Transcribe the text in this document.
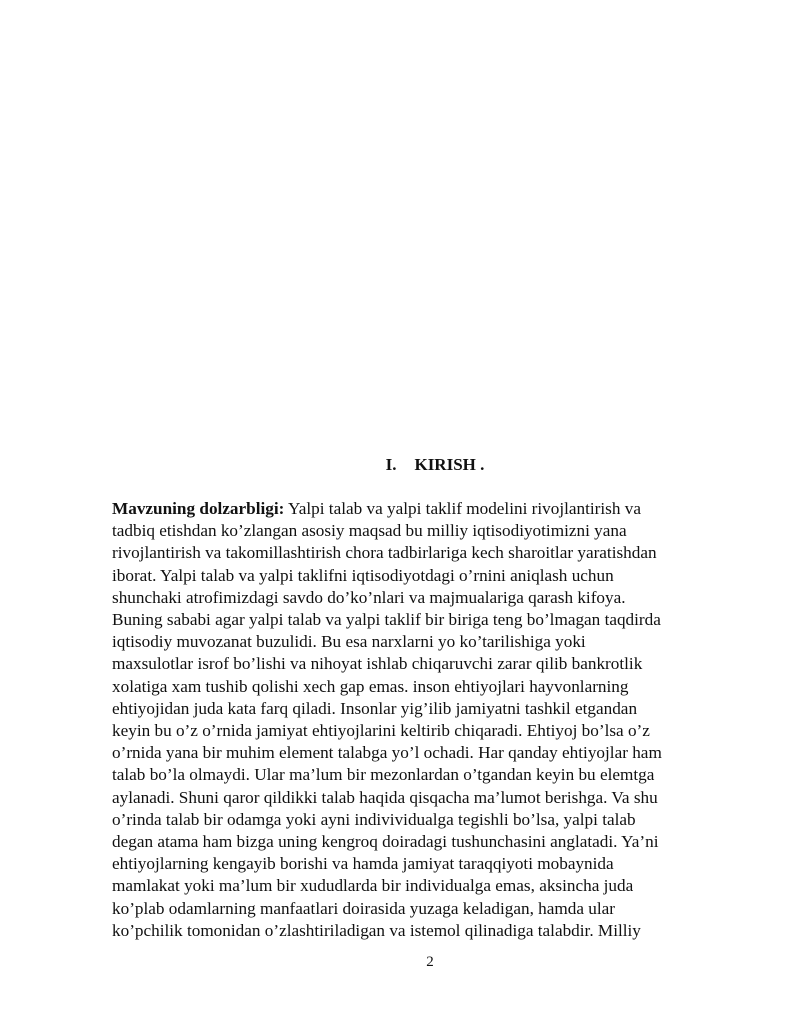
I. KIRISH .
Mavzuning dolzarbligi: Yalpi talab va yalpi taklif modelini rivojlantirish va
tadbiq etishdan ko’zlangan asosiy maqsad bu milliy iqtisodiyotimizni yana
rivojlantirish va takomillashtirish chora tadbirlariga kech sharoitlar yaratishdan
iborat. Yalpi talab va yalpi taklifni iqtisodiyotdagi o’rnini aniqlash uchun
shunchaki atrofimizdagi savdo do’ko’nlari va majmualariga qarash kifoya.
Buning sababi agar yalpi talab va yalpi taklif bir biriga teng bo’lmagan taqdirda
iqtisodiy muvozanat buzulidi. Bu esa narxlarni yo ko’tarilishiga yoki
maxsulotlar isrof bo’lishi va nihoyat ishlab chiqaruvchi zarar qilib bankrotlik
xolatiga xam tushib qolishi xech gap emas. inson ehtiyojlari hayvonlarning
ehtiyojidan juda kata farq qiladi. Insonlar yig’ilib jamiyatni tashkil etgandan
keyin bu o’z o’rnida jamiyat ehtiyojlarini keltirib chiqaradi. Ehtiyoj bo’lsa o’z
o’rnida yana bir muhim element talabga yo’l ochadi. Har qanday ehtiyojlar ham
talab bo’la olmaydi. Ular ma’lum bir mezonlardan o’tgandan keyin bu elemtga
aylanadi. Shuni qaror qildikki talab haqida qisqacha ma’lumot berishga. Va shu
o’rinda talab bir odamga yoki ayni indivividualga tegishli bo’lsa, yalpi talab
degan atama ham bizga uning kengroq doiradagi tushunchasini anglatadi. Ya’ni
ehtiyojlarning kengayib borishi va hamda jamiyat taraqqiyoti mobaynida
mamlakat yoki ma’lum bir xududlarda bir individualga emas, aksincha juda
ko’plab odamlarning manfaatlari doirasida yuzaga keladigan, hamda ular
ko’pchilik tomonidan o’zlashtiriladigan va istemol qilinadiga talabdir. Milliy
2
